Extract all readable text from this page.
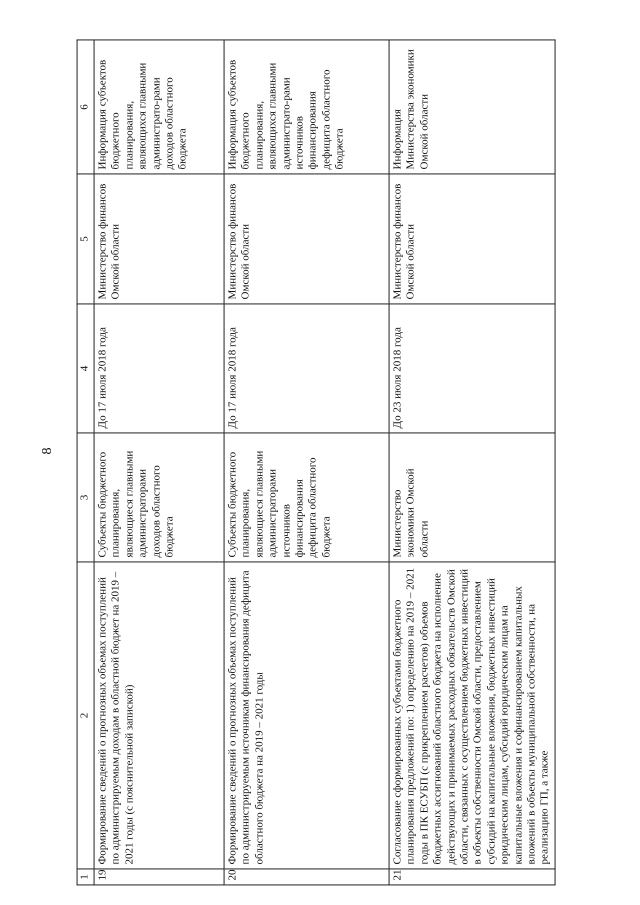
8
1	2	3	4	5	6
19	Формирование сведений о прогнозных объемах поступлений по администрируемым доходам в областной бюджет на 2019 – 2021 годы (с пояснительной запиской)	Субъекты бюджетного планирования, являющиеся главными администраторами доходов областного бюджета	До 17 июля 2018 года	Министерство финансов Омской области	Информация субъектов бюджетного планирования, являющихся главными администрато-рами доходов областного бюджета
20	Формирование сведений о прогнозных объемах поступлений по администрируемым источникам финансирования дефицита областного бюджета на 2019 – 2021 годы	Субъекты бюджетного планирования, являющиеся главными администраторами источников финансирования дефицита областного бюджета	До 17 июля 2018 года	Министерство финансов Омской области	Информация субъектов бюджетного планирования, являющихся главными администрато-рами источников финансирования дефицита областного бюджета
21	Согласование сформированных субъектами бюджетного планирования предложений по: 1) определению на 2019 – 2021 годы в ПК ЕСУБП (с прикреплением расчетов) объемов бюджетных ассигнований областного бюджета на исполнение действующих и принимаемых расходных обязательств Омской области, связанных с осуществлением бюджетных инвестиций в объекты собственности Омской области, предоставлением субсидий на капитальные вложения, бюджетных инвестиций юридическим лицам, субсидий юридическим лицам на капитальные вложения и софинансированием капитальных вложений в объекты муниципальной собственности, на реализацию ГП, а также	Министерство экономики Омской области	До 23 июля 2018 года	Министерство финансов Омской области	Информация Министерства экономики Омской области
